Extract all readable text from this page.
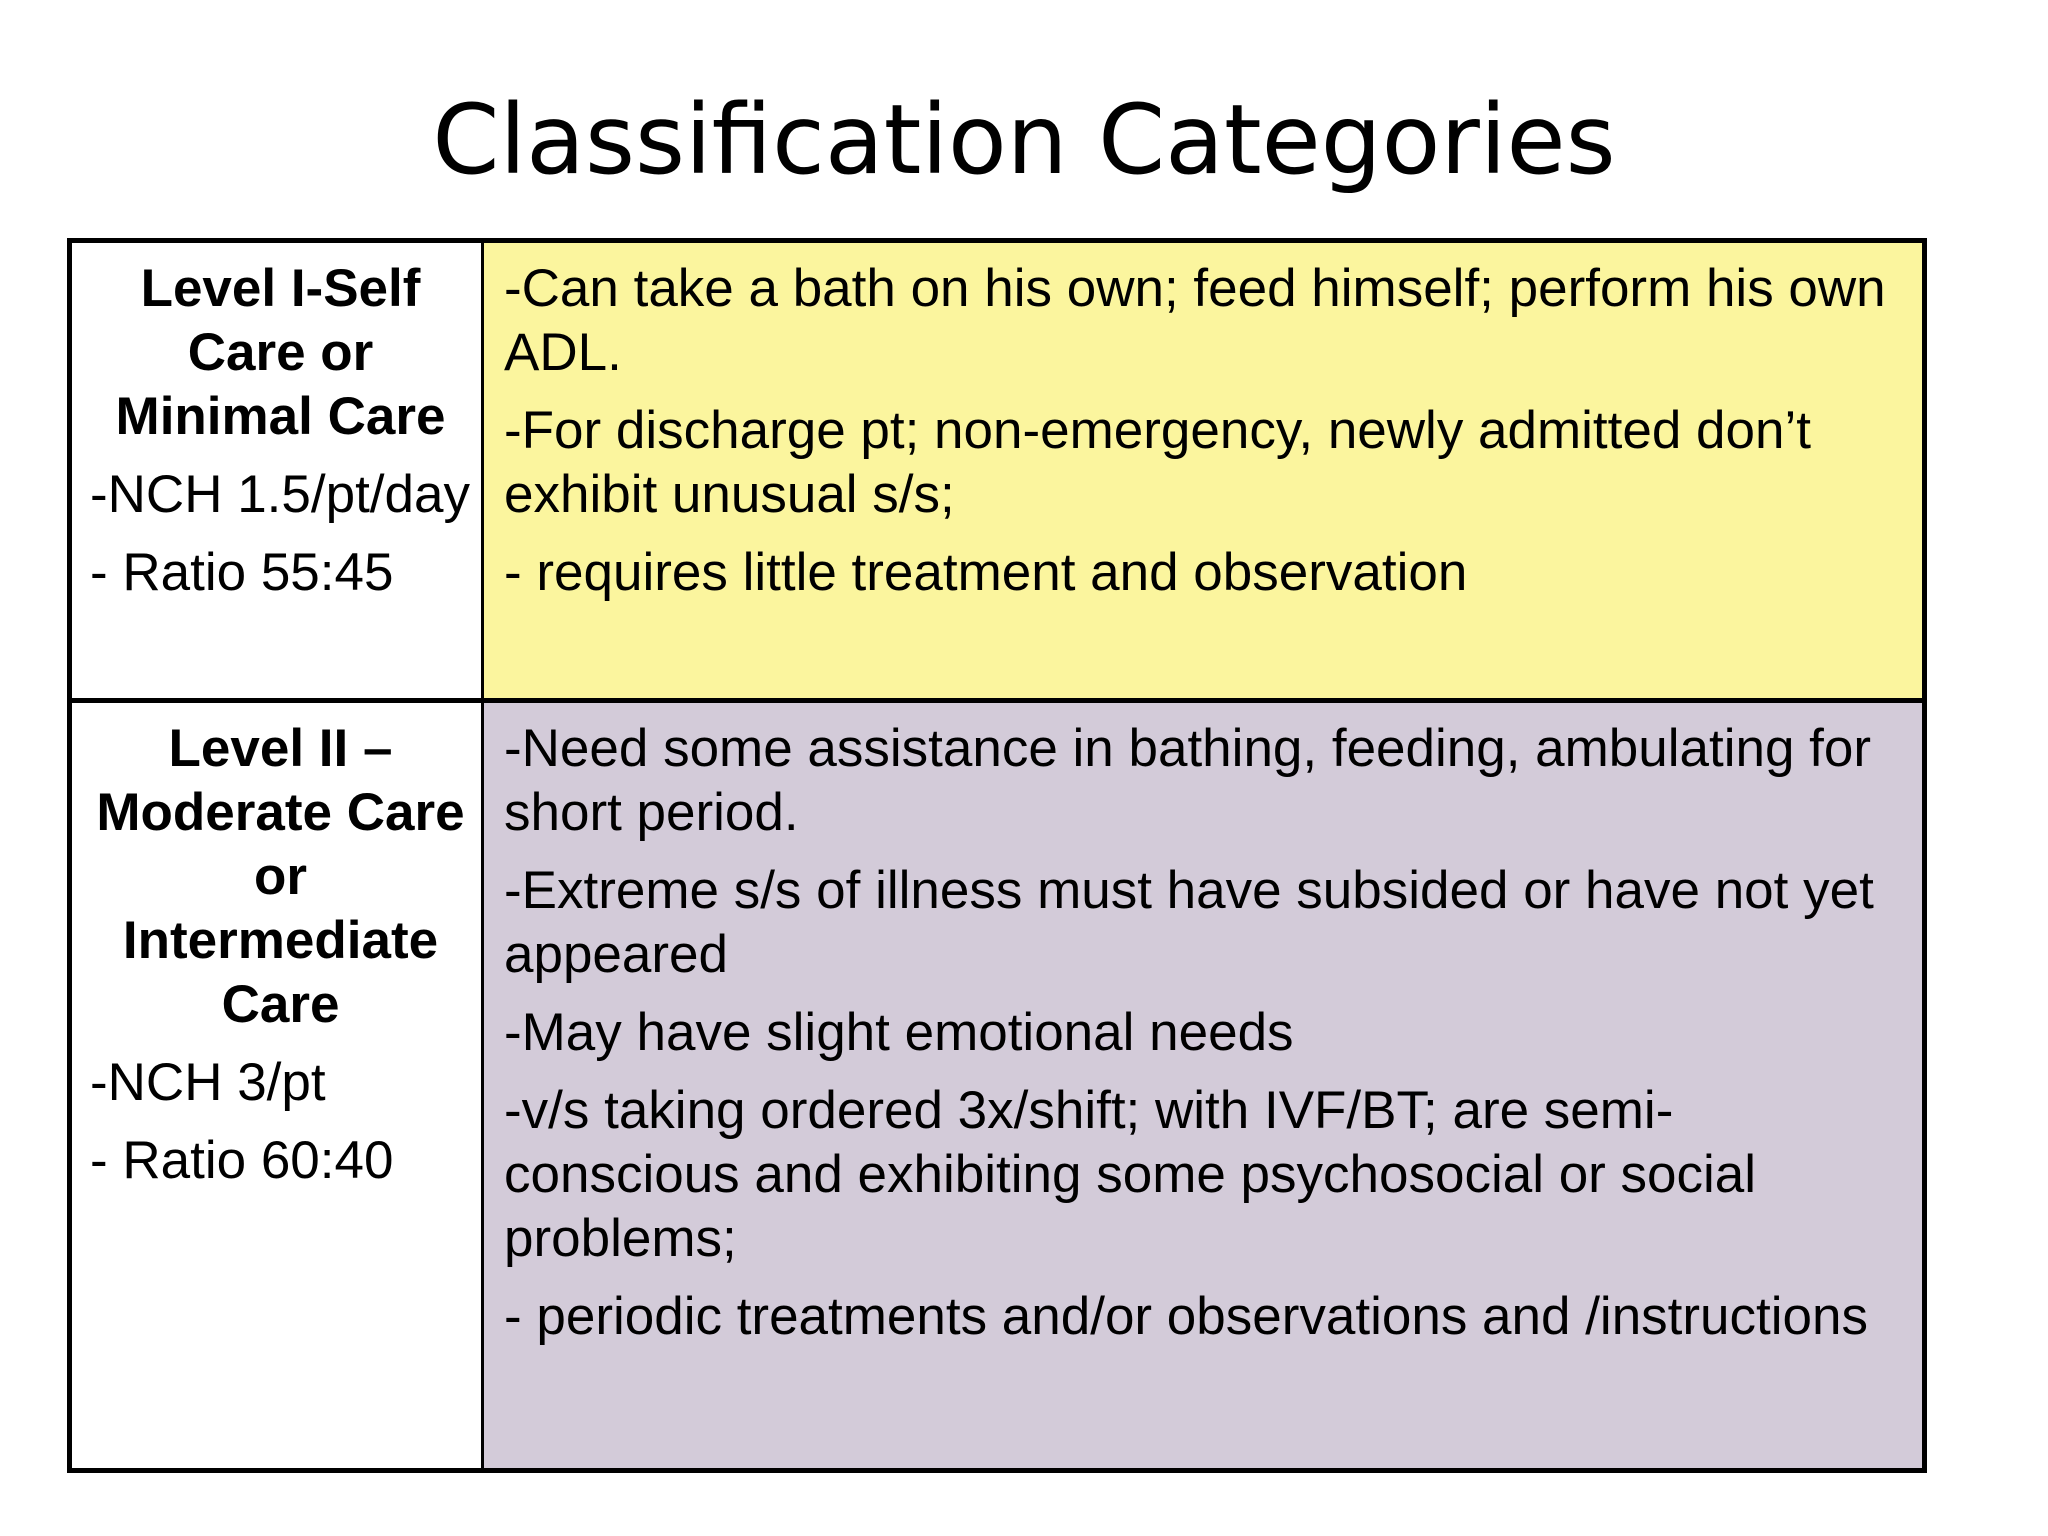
Classification Categories
Level I-Self Care or Minimal Care
-NCH 1.5/pt/day
- Ratio 55:45
-Can take a bath on his own; feed himself; perform his own ADL.
-For discharge pt; non-emergency, newly admitted don’t exhibit unusual s/s;
- requires little treatment and observation
Level II – Moderate Care or Intermediate Care
-NCH 3/pt
- Ratio 60:40
-Need some assistance in bathing, feeding, ambulating for short period.
-Extreme s/s of illness must have subsided or have not yet appeared
-May have slight emotional needs
-v/s taking ordered 3x/shift; with IVF/BT; are semi-conscious and exhibiting some psychosocial or social problems;
- periodic treatments and/or observations and /instructions
